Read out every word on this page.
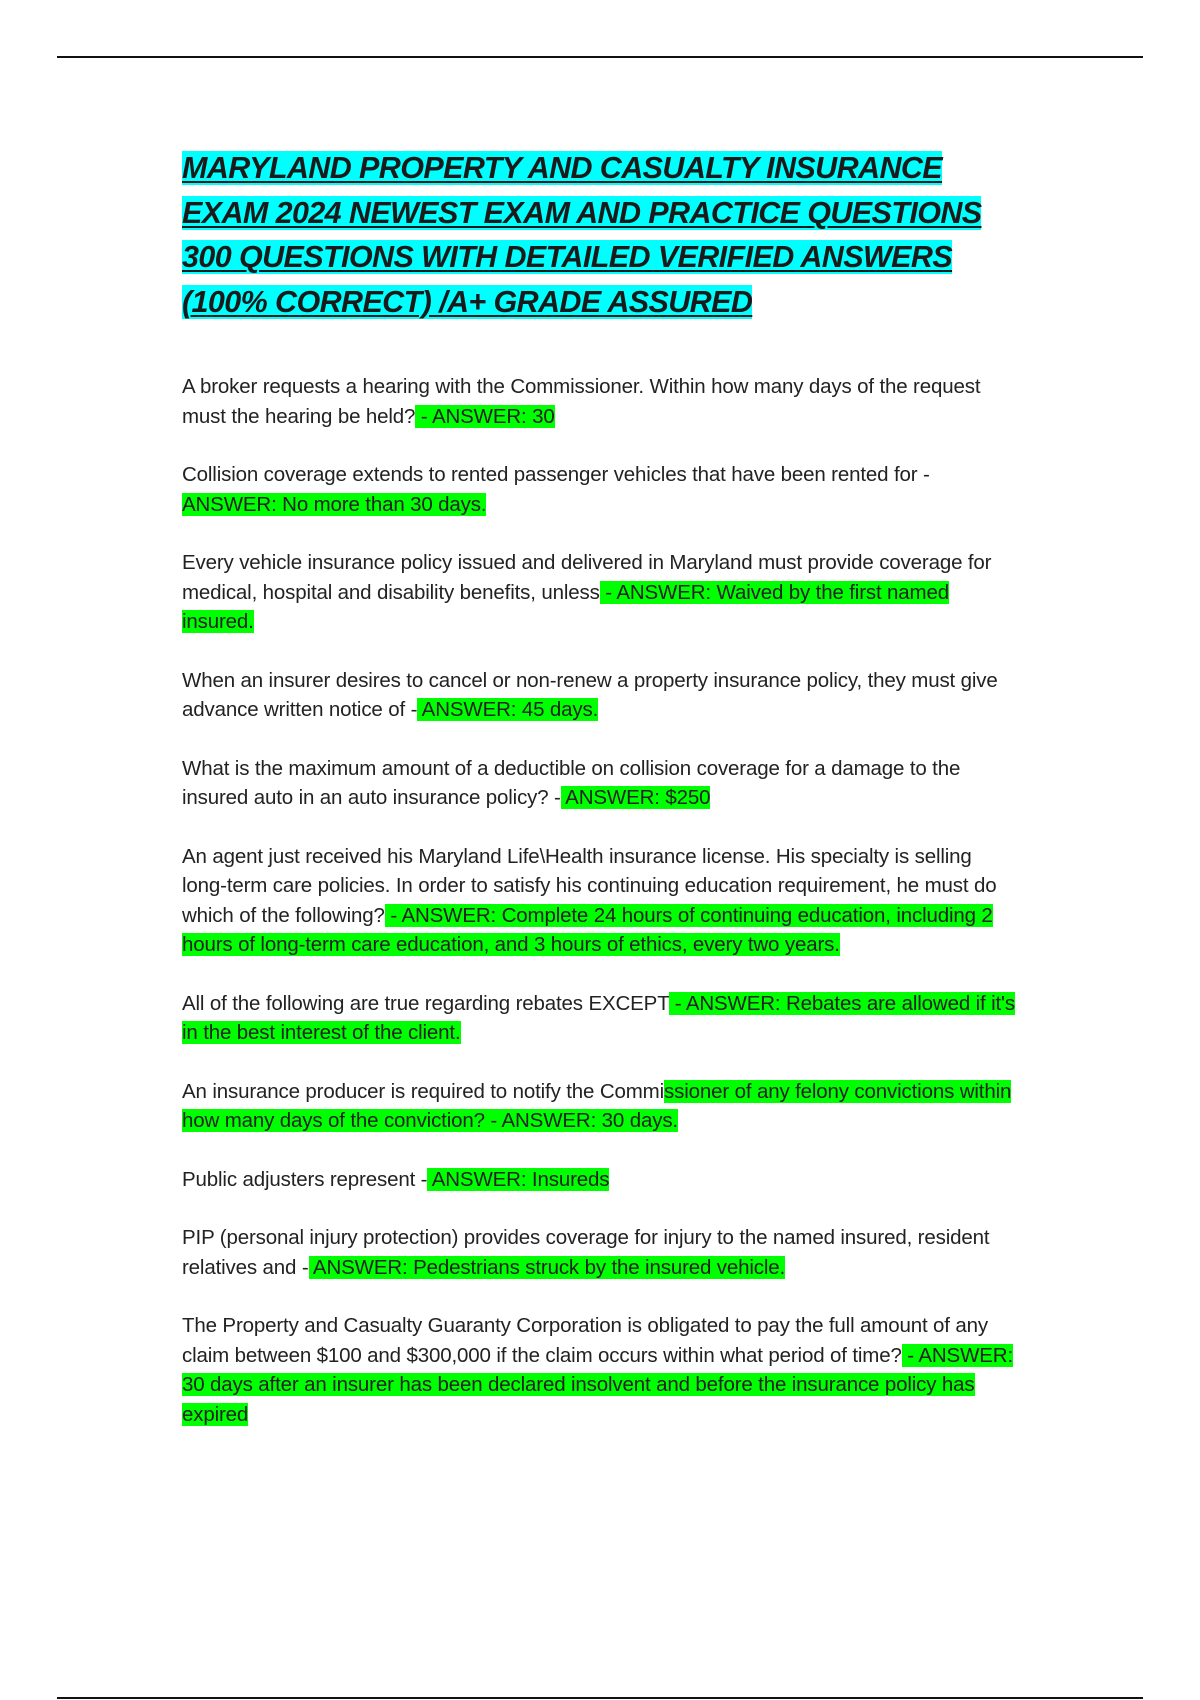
MARYLAND PROPERTY AND CASUALTY INSURANCE EXAM 2024 NEWEST EXAM AND PRACTICE QUESTIONS 300 QUESTIONS WITH DETAILED VERIFIED ANSWERS (100% CORRECT) /A+ GRADE ASSURED

A broker requests a hearing with the Commissioner. Within how many days of the request must the hearing be held? - ANSWER: 30

Collision coverage extends to rented passenger vehicles that have been rented for - ANSWER: No more than 30 days.

Every vehicle insurance policy issued and delivered in Maryland must provide coverage for medical, hospital and disability benefits, unless - ANSWER: Waived by the first named insured.

When an insurer desires to cancel or non-renew a property insurance policy, they must give advance written notice of - ANSWER: 45 days.

What is the maximum amount of a deductible on collision coverage for a damage to the insured auto in an auto insurance policy? - ANSWER: $250

An agent just received his Maryland Life\Health insurance license. His specialty is selling long-term care policies. In order to satisfy his continuing education requirement, he must do which of the following? - ANSWER: Complete 24 hours of continuing education, including 2 hours of long-term care education, and 3 hours of ethics, every two years.

All of the following are true regarding rebates EXCEPT - ANSWER: Rebates are allowed if it's in the best interest of the client.

An insurance producer is required to notify the Commissioner of any felony convictions within how many days of the conviction? - ANSWER: 30 days.

Public adjusters represent - ANSWER: Insureds

PIP (personal injury protection) provides coverage for injury to the named insured, resident relatives and - ANSWER: Pedestrians struck by the insured vehicle.

The Property and Casualty Guaranty Corporation is obligated to pay the full amount of any claim between $100 and $300,000 if the claim occurs within what period of time? - ANSWER: 30 days after an insurer has been declared insolvent and before the insurance policy has expired
